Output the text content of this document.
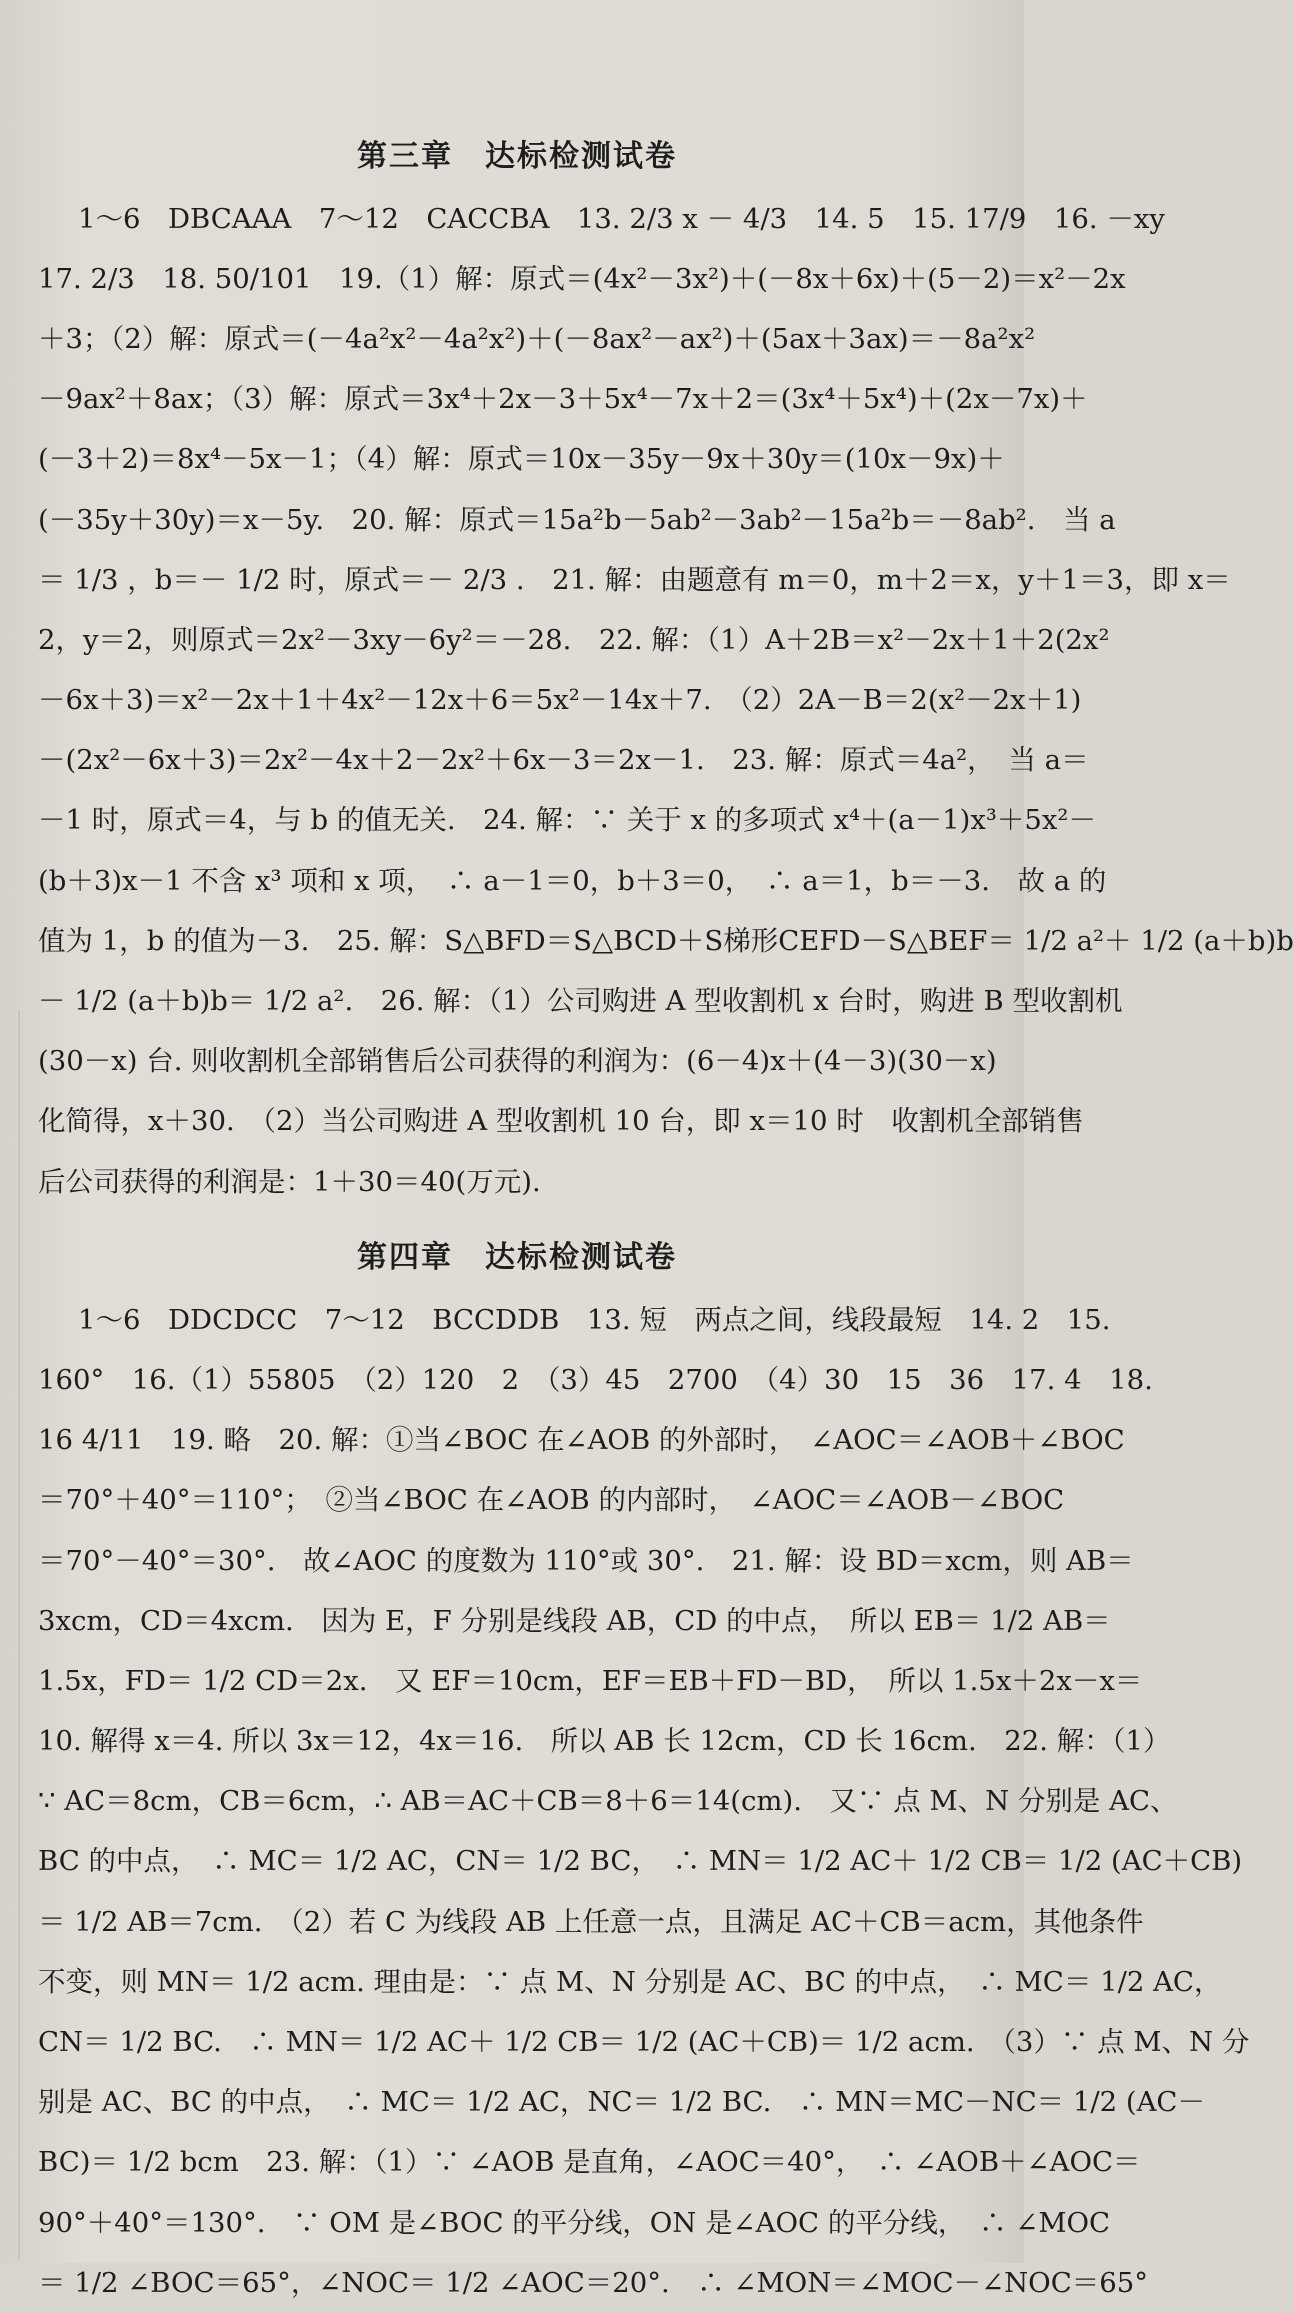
第三章　达标检测试卷
1～6　DBCAAA　7～12　CACCBA　13. 2/3 x － 4/3　14. 5　15. 17/9　16. －xy
17. 2/3　18. 50/101　19.（1）解：原式＝(4x²－3x²)＋(－8x＋6x)＋(5－2)＝x²－2x
＋3；（2）解：原式＝(－4a²x²－4a²x²)＋(－8ax²－ax²)＋(5ax＋3ax)＝－8a²x²
－9ax²＋8ax；（3）解：原式＝3x⁴＋2x－3＋5x⁴－7x＋2＝(3x⁴＋5x⁴)＋(2x－7x)＋
(－3＋2)＝8x⁴－5x－1；（4）解：原式＝10x－35y－9x＋30y＝(10x－9x)＋
(－35y＋30y)＝x－5y.　20. 解：原式＝15a²b－5ab²－3ab²－15a²b＝－8ab².　当 a
＝ 1/3 ，b＝－ 1/2 时，原式＝－ 2/3 .　21. 解：由题意有 m＝0，m＋2＝x，y＋1＝3，即 x＝
2，y＝2，则原式＝2x²－3xy－6y²＝－28.　22. 解：（1）A＋2B＝x²－2x＋1＋2(2x²
－6x＋3)＝x²－2x＋1＋4x²－12x＋6＝5x²－14x＋7.　（2）2A－B＝2(x²－2x＋1)
－(2x²－6x＋3)＝2x²－4x＋2－2x²＋6x－3＝2x－1.　23. 解：原式＝4a²，　当 a＝
－1 时，原式＝4，与 b 的值无关.　24. 解：∵ 关于 x 的多项式 x⁴＋(a－1)x³＋5x²－
(b＋3)x－1 不含 x³ 项和 x 项，　∴ a－1＝0，b＋3＝0，　∴ a＝1，b＝－3.　故 a 的
值为 1，b 的值为－3.　25. 解：S△BFD＝S△BCD＋S梯形CEFD－S△BEF＝ 1/2 a²＋ 1/2 (a＋b)b
－ 1/2 (a＋b)b＝ 1/2 a².　26. 解：（1）公司购进 A 型收割机 x 台时，购进 B 型收割机
(30－x) 台. 则收割机全部销售后公司获得的利润为：(6－4)x＋(4－3)(30－x)
化简得，x＋30.　（2）当公司购进 A 型收割机 10 台，即 x＝10 时　收割机全部销售
后公司获得的利润是：1＋30＝40(万元).
第四章　达标检测试卷
1～6　DDCDCC　7～12　BCCDDB　13. 短　两点之间，线段最短　14. 2　15.
160°　16.（1）55805　（2）120　2　（3）45　2700　（4）30　15　36　17. 4　18.
16 4/11　19. 略　20. 解：①当∠BOC 在∠AOB 的外部时，　∠AOC＝∠AOB＋∠BOC
＝70°＋40°＝110°；　②当∠BOC 在∠AOB 的内部时，　∠AOC＝∠AOB－∠BOC
＝70°－40°＝30°.　故∠AOC 的度数为 110°或 30°.　21. 解：设 BD＝xcm，则 AB＝
3xcm，CD＝4xcm.　因为 E，F 分别是线段 AB，CD 的中点，　所以 EB＝ 1/2 AB＝
1.5x，FD＝ 1/2 CD＝2x.　又 EF＝10cm，EF＝EB＋FD－BD，　所以 1.5x＋2x－x＝
10. 解得 x＝4. 所以 3x＝12，4x＝16.　所以 AB 长 12cm，CD 长 16cm.　22. 解：（1）
∵ AC＝8cm，CB＝6cm，∴ AB＝AC＋CB＝8＋6＝14(cm).　又∵ 点 M、N 分别是 AC、
BC 的中点，　∴ MC＝ 1/2 AC，CN＝ 1/2 BC，　∴ MN＝ 1/2 AC＋ 1/2 CB＝ 1/2 (AC＋CB)
＝ 1/2 AB＝7cm.　（2）若 C 为线段 AB 上任意一点，且满足 AC＋CB＝acm，其他条件
不变，则 MN＝ 1/2 acm. 理由是：∵ 点 M、N 分别是 AC、BC 的中点，　∴ MC＝ 1/2 AC，
CN＝ 1/2 BC.　∴ MN＝ 1/2 AC＋ 1/2 CB＝ 1/2 (AC＋CB)＝ 1/2 acm.　（3）∵ 点 M、N 分
别是 AC、BC 的中点，　∴ MC＝ 1/2 AC，NC＝ 1/2 BC.　∴ MN＝MC－NC＝ 1/2 (AC－
BC)＝ 1/2 bcm　23. 解：（1）∵ ∠AOB 是直角，∠AOC＝40°，　∴ ∠AOB＋∠AOC＝
90°＋40°＝130°.　∵ OM 是∠BOC 的平分线，ON 是∠AOC 的平分线，　∴ ∠MOC
＝ 1/2 ∠BOC＝65°，∠NOC＝ 1/2 ∠AOC＝20°.　∴ ∠MON＝∠MOC－∠NOC＝65°
